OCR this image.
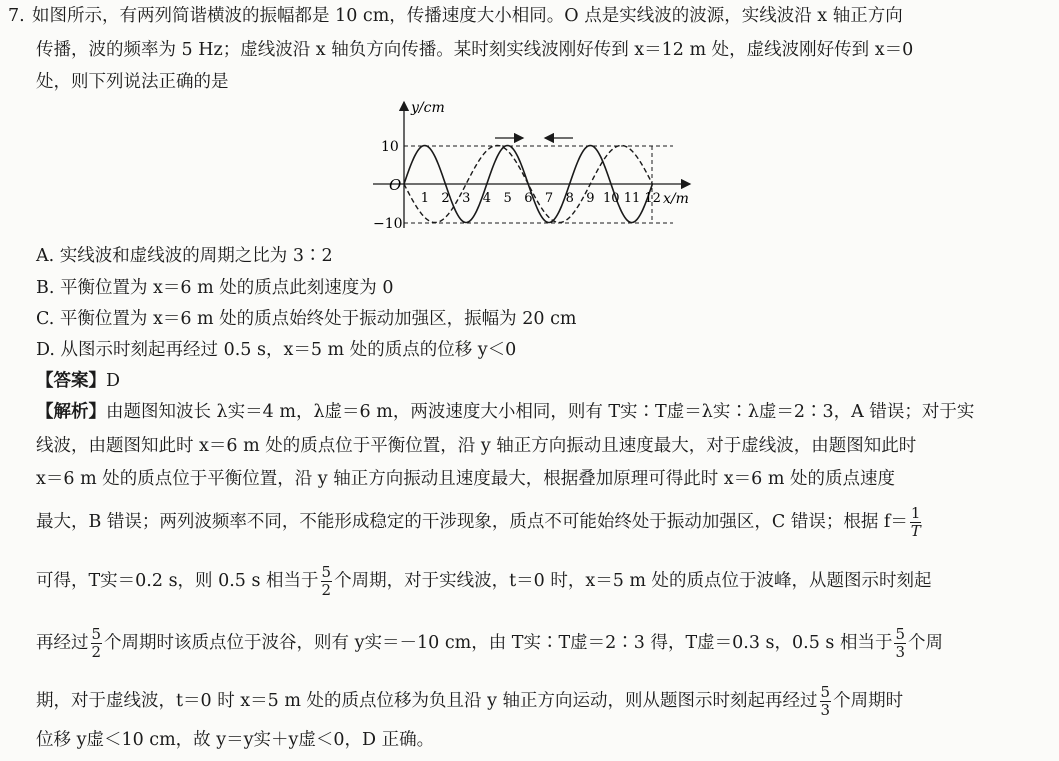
7. 如图所示，有两列简谐横波的振幅都是 10 cm，传播速度大小相同。O 点是实线波的波源，实线波沿 x 轴正方向
传播，波的频率为 5 Hz；虚线波沿 x 轴负方向传播。某时刻实线波刚好传到 x＝12 m 处，虚线波刚好传到 x＝0
处，则下列说法正确的是
1 2 3 4 5 6 7 8 9 10 11 12
y/cm
x/m
O
10
−10
A. 实线波和虚线波的周期之比为 3∶2
B. 平衡位置为 x＝6 m 处的质点此刻速度为 0
C. 平衡位置为 x＝6 m 处的质点始终处于振动加强区，振幅为 20 cm
D. 从图示时刻起再经过 0.5 s，x＝5 m 处的质点的位移 y＜0
【答案】D
【解析】由题图知波长 λ实＝4 m，λ虚＝6 m，两波速度大小相同，则有 T实∶T虚＝λ实∶λ虚＝2∶3，A 错误；对于实
线波，由题图知此时 x＝6 m 处的质点位于平衡位置，沿 y 轴正方向振动且速度最大，对于虚线波，由题图知此时
x＝6 m 处的质点位于平衡位置，沿 y 轴正方向振动且速度最大，根据叠加原理可得此时 x＝6 m 处的质点速度
最大，B 错误；两列波频率不同，不能形成稳定的干涉现象，质点不可能始终处于振动加强区，C 错误；根据 $f= \frac{1}{T}$
可得，T实＝0.2 s，则 0.5 s 相当于 $\frac{5}{2}$ 个周期，对于实线波，t＝0 时，x＝5 m 处的质点位于波峰，从题图示时刻起
再经过 $\frac{5}{2}$ 个周期时该质点位于波谷，则有 y实＝－10 cm，由 T实∶T虚＝2∶3 得，T虚＝0.3 s，0.5 s 相当于 $\frac{5}{3}$ 个周
期，对于虚线波，t＝0 时 x＝5 m 处的质点位移为负且沿 y 轴正方向运动，则从题图示时刻起再经过 $\frac{5}{3}$ 个周期时
位移 y虚＜10 cm，故 y＝y实＋y虚＜0，D 正确。
